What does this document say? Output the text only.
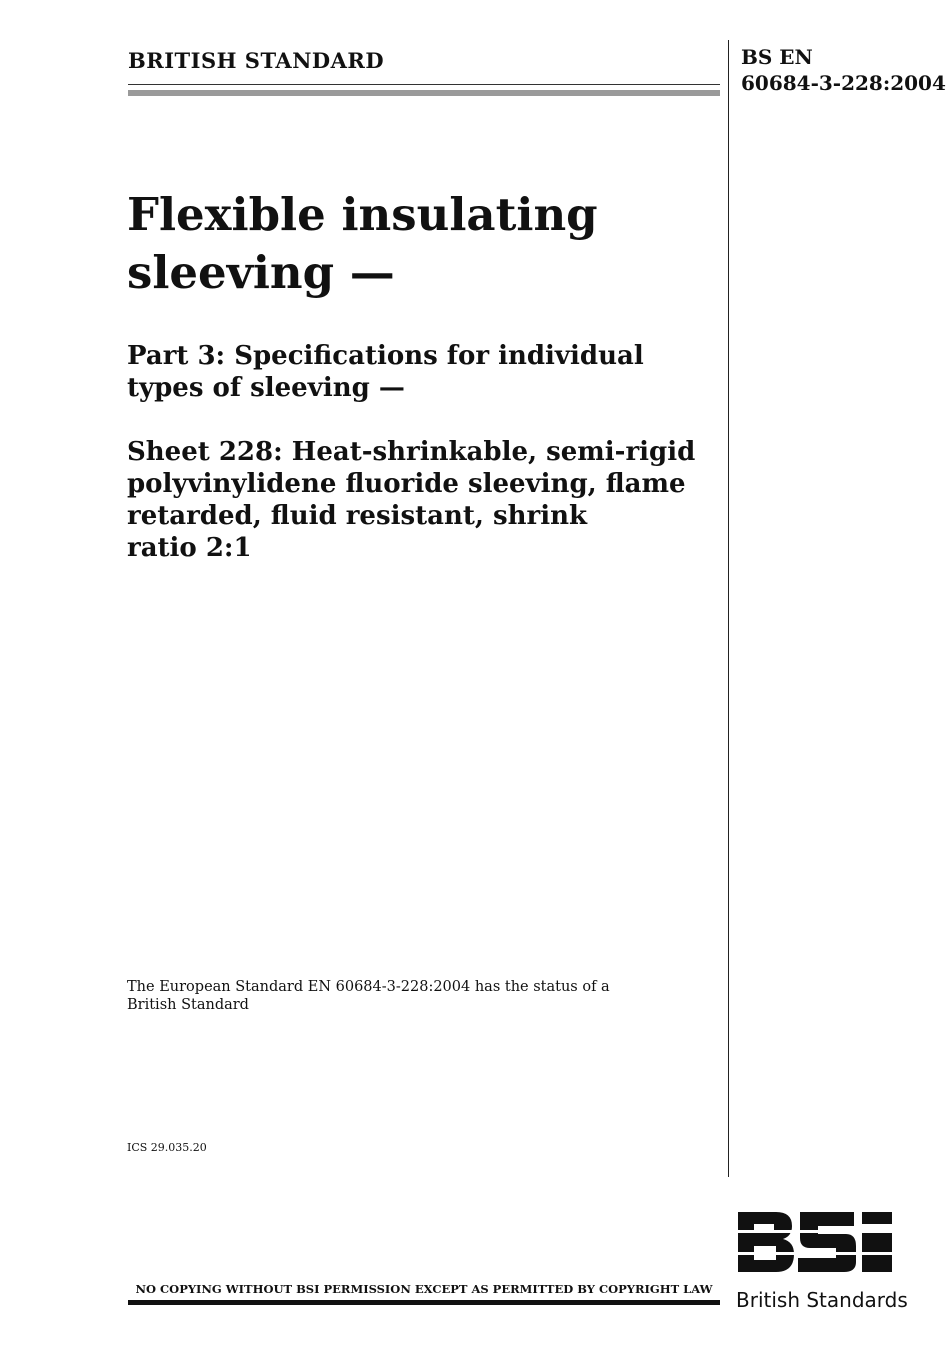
BRITISH STANDARD	BS EN
60684-3-228:2004
Flexible insulating
sleeving —
Part 3: Specifications for individual
types of sleeving —
Sheet 228: Heat-shrinkable, semi-rigid
polyvinylidene fluoride sleeving, flame
retarded, fluid resistant, shrink
ratio 2:1
The European Standard EN 60684-3-228:2004 has the status of a
British Standard
ICS 29.035.20
NO COPYING WITHOUT BSI PERMISSION EXCEPT AS PERMITTED BY COPYRIGHT LAW	British Standards
